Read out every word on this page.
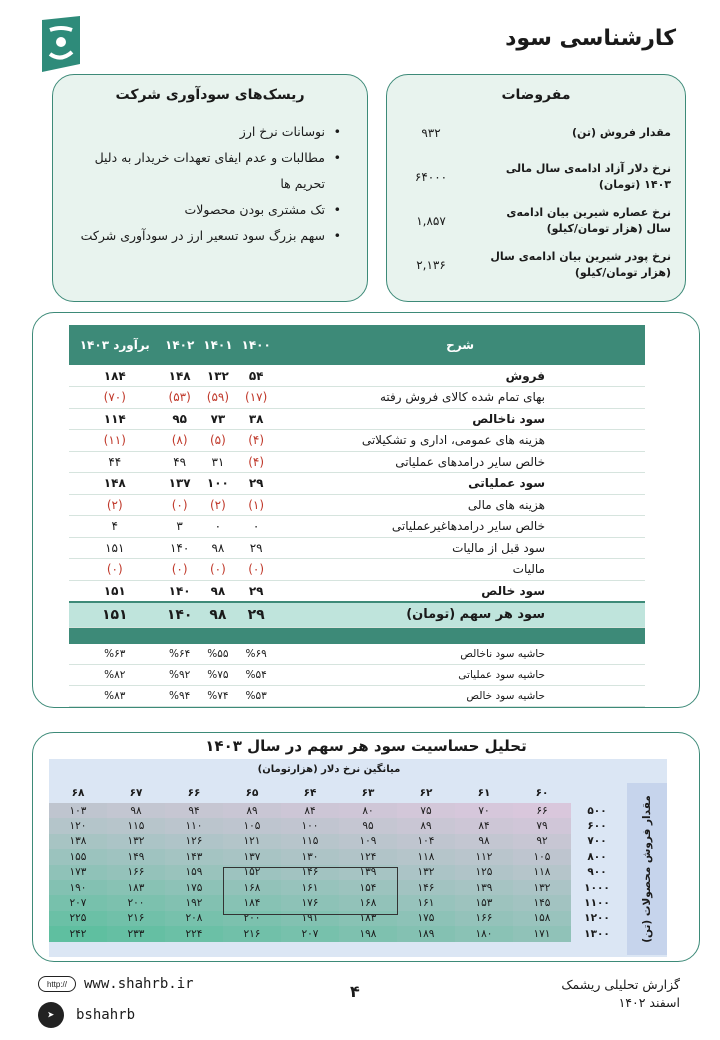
کارشناسی سود
مفروضات
مقدار فروش (تن)
۹۳۲
نرخ دلار آزاد ادامه‌ی سال مالی ۱۴۰۳ (تومان)
۶۴۰۰۰
نرخ عصاره شیرین بیان ادامه‌ی سال (هزار تومان/کیلو)
۱,۸۵۷
نرخ پودر شیرین بیان ادامه‌ی سال (هزار تومان/کیلو)
۲,۱۳۶
ریسک‌های سودآوری شرکت
• نوسانات نرخ ارز
• مطالبات و عدم ایفای تعهدات خریدار به دلیل تحریم ها
• تک مشتری بودن محصولات
• سهم بزرگ سود تسعیر ارز در سودآوری شرکت
شرح	۱۴۰۰	۱۴۰۱	۱۴۰۲	برآورد ۱۴۰۳
فروش	۵۴	۱۳۲	۱۴۸	۱۸۴
بهای تمام شده کالای فروش رفته	(۱۷)	(۵۹)	(۵۳)	(۷۰)
سود ناخالص	۳۸	۷۳	۹۵	۱۱۴
هزینه های عمومی، اداری و تشکیلاتی	(۴)	(۵)	(۸)	(۱۱)
خالص سایر درامدهای عملیاتی	(۴)	۳۱	۴۹	۴۴
سود عملیاتی	۲۹	۱۰۰	۱۳۷	۱۴۸
هزینه های مالی	(۱)	(۲)	(۰)	(۲)
خالص سایر درامدهاغیرعملیاتی	۰	۰	۳	۴
سود قبل از مالیات	۲۹	۹۸	۱۴۰	۱۵۱
مالیات	(۰)	(۰)	(۰)	(۰)
سود خالص	۲۹	۹۸	۱۴۰	۱۵۱
سود هر سهم (تومان)	۲۹	۹۸	۱۴۰	۱۵۱

حاشیه سود ناخالص	%۶۹	%۵۵	%۶۴	%۶۳
حاشیه سود عملیاتی	%۵۴	%۷۵	%۹۲	%۸۲
حاشیه سود خالص	%۵۳	%۷۴	%۹۴	%۸۳
تحلیل حساسیت سود هر سهم در سال ۱۴۰۳
میانگین نرخ دلار (هزارتومان)
۶۸	۶۷	۶۶	۶۵	۶۴	۶۳	۶۲	۶۱	۶۰	
۱۰۳	۹۸	۹۴	۸۹	۸۴	۸۰	۷۵	۷۰	۶۶	۵۰۰
۱۲۰	۱۱۵	۱۱۰	۱۰۵	۱۰۰	۹۵	۸۹	۸۴	۷۹	۶۰۰
۱۳۸	۱۳۲	۱۲۶	۱۲۱	۱۱۵	۱۰۹	۱۰۴	۹۸	۹۲	۷۰۰
۱۵۵	۱۴۹	۱۴۳	۱۳۷	۱۳۰	۱۲۴	۱۱۸	۱۱۲	۱۰۵	۸۰۰
۱۷۳	۱۶۶	۱۵۹	۱۵۲	۱۴۶	۱۳۹	۱۳۲	۱۲۵	۱۱۸	۹۰۰
۱۹۰	۱۸۳	۱۷۵	۱۶۸	۱۶۱	۱۵۴	۱۴۶	۱۳۹	۱۳۲	۱۰۰۰
۲۰۷	۲۰۰	۱۹۲	۱۸۴	۱۷۶	۱۶۸	۱۶۱	۱۵۳	۱۴۵	۱۱۰۰
۲۲۵	۲۱۶	۲۰۸	۲۰۰	۱۹۱	۱۸۳	۱۷۵	۱۶۶	۱۵۸	۱۲۰۰
۲۴۲	۲۳۳	۲۲۴	۲۱۶	۲۰۷	۱۹۸	۱۸۹	۱۸۰	۱۷۱	۱۳۰۰	مقدار فروش محصولات (تن)
http:// www.shahrb.ir
➤	bshahrb
۴	گزارش تحلیلی ریشمک
اسفند ۱۴۰۲
